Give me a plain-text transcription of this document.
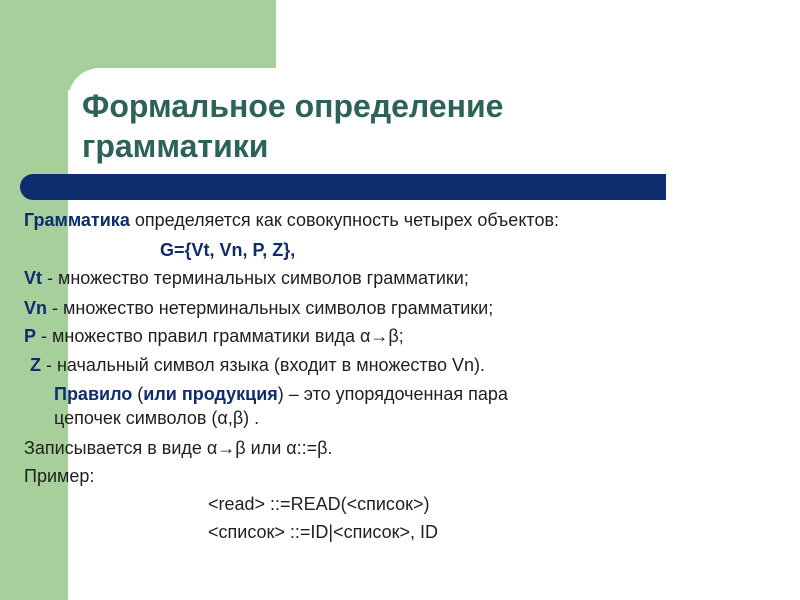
Формальное определение
грамматики
Грамматика определяется как совокупность четырех объектов:
G={Vt, Vn, P, Z},
Vt - множество терминальных символов грамматики;
Vn - множество нетерминальных символов грамматики;
P - множество правил грамматики вида α→β;
Z - начальный символ языка (входит в множество Vn).
Правило (или продукция) – это упорядоченная пара
цепочек символов (α,β) .
Записывается в виде α→β или α::=β.
Пример:
<read> ::=READ(<список>)
<список> ::=ID|<список>, ID
